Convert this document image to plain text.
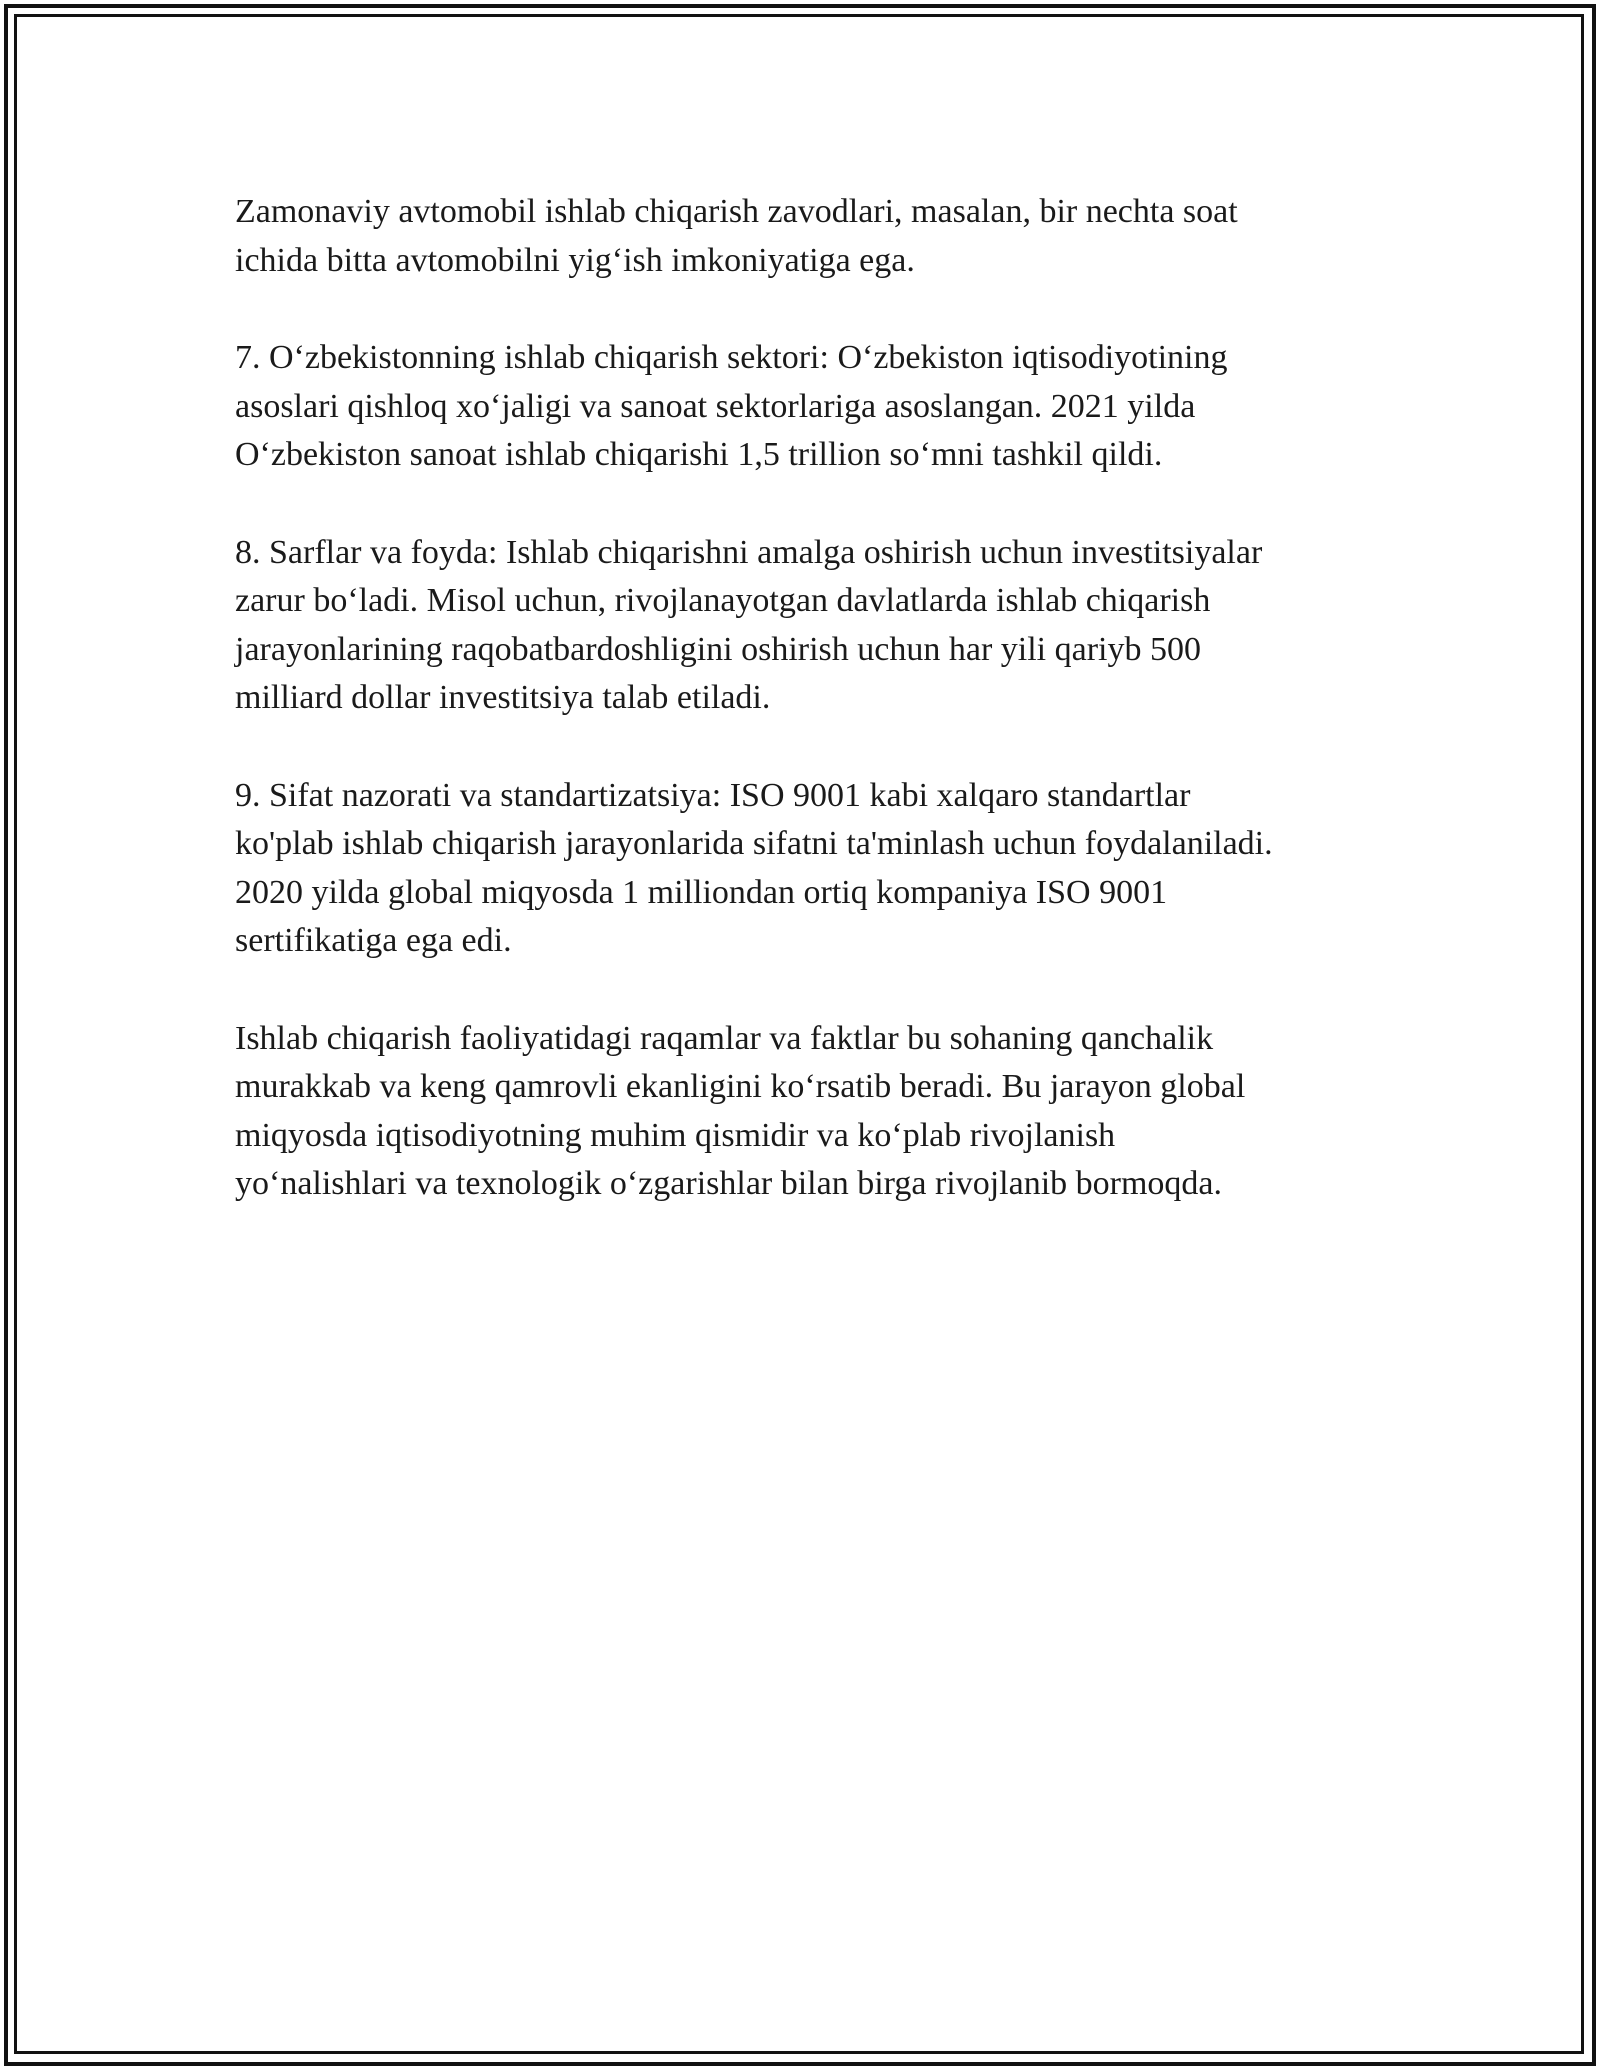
Zamonaviy avtomobil ishlab chiqarish zavodlari, masalan, bir nechta soat
ichida bitta avtomobilni yig‘ish imkoniyatiga ega.

7. O‘zbekistonning ishlab chiqarish sektori: O‘zbekiston iqtisodiyotining
asoslari qishloq xo‘jaligi va sanoat sektorlariga asoslangan. 2021 yilda
O‘zbekiston sanoat ishlab chiqarishi 1,5 trillion so‘mni tashkil qildi.

8. Sarflar va foyda: Ishlab chiqarishni amalga oshirish uchun investitsiyalar
zarur bo‘ladi. Misol uchun, rivojlanayotgan davlatlarda ishlab chiqarish
jarayonlarining raqobatbardoshligini oshirish uchun har yili qariyb 500
milliard dollar investitsiya talab etiladi.

9. Sifat nazorati va standartizatsiya: ISO 9001 kabi xalqaro standartlar
ko'plab ishlab chiqarish jarayonlarida sifatni ta'minlash uchun foydalaniladi.
2020 yilda global miqyosda 1 milliondan ortiq kompaniya ISO 9001
sertifikatiga ega edi.

Ishlab chiqarish faoliyatidagi raqamlar va faktlar bu sohaning qanchalik
murakkab va keng qamrovli ekanligini ko‘rsatib beradi. Bu jarayon global
miqyosda iqtisodiyotning muhim qismidir va ko‘plab rivojlanish
yo‘nalishlari va texnologik o‘zgarishlar bilan birga rivojlanib bormoqda.
